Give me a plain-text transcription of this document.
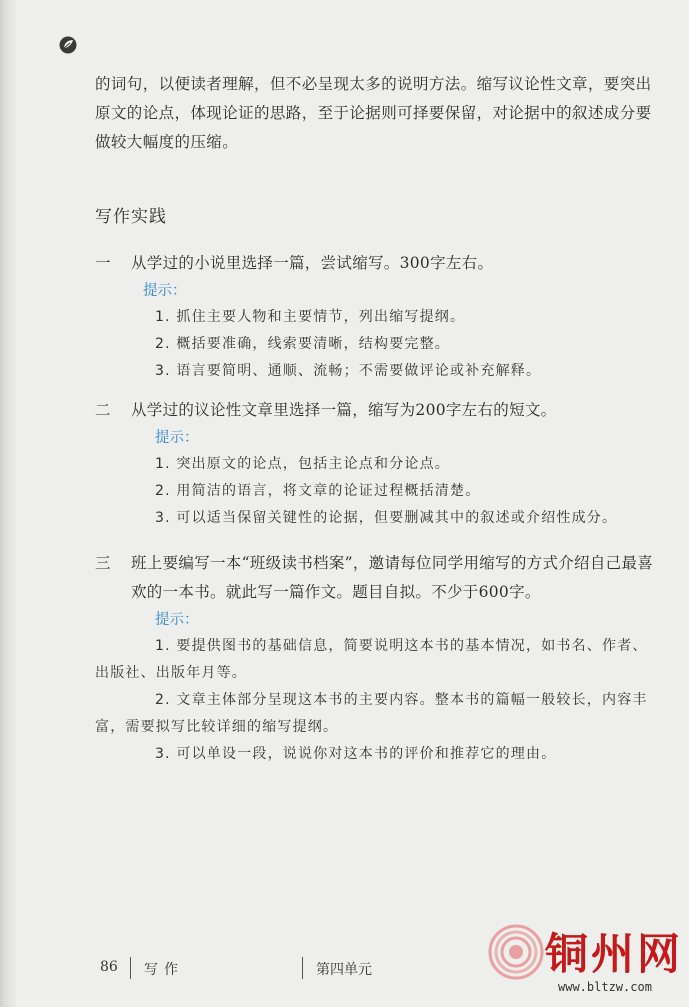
的词句，以便读者理解，但不必呈现太多的说明方法。缩写议论性文章，要突出原文的论点，体现论证的思路，至于论据则可择要保留，对论据中的叙述成分要做较大幅度的压缩。

写作实践
一	从学过的小说里选择一篇，尝试缩写。300字左右。
提示：
1. 抓住主要人物和主要情节，列出缩写提纲。
2. 概括要准确，线索要清晰，结构要完整。
3. 语言要简明、通顺、流畅；不需要做评论或补充解释。
二	从学过的议论性文章里选择一篇，缩写为200字左右的短文。
提示：
1. 突出原文的论点，包括主论点和分论点。
2. 用简洁的语言，将文章的论证过程概括清楚。
3. 可以适当保留关键性的论据，但要删减其中的叙述或介绍性成分。
三	班上要编写一本“班级读书档案”，邀请每位同学用缩写的方式介绍自己最喜欢的一本书。就此写一篇作文。题目自拟。不少于600字。
提示：
1. 要提供图书的基础信息，简要说明这本书的基本情况，如书名、作者、出版社、出版年月等。
2. 文章主体部分呈现这本书的主要内容。整本书的篇幅一般较长，内容丰富，需要拟写比较详细的缩写提纲。
3. 可以单设一段，说说你对这本书的评价和推荐它的理由。
86 写作	第四单元	铜州网
www.bltzw.com
